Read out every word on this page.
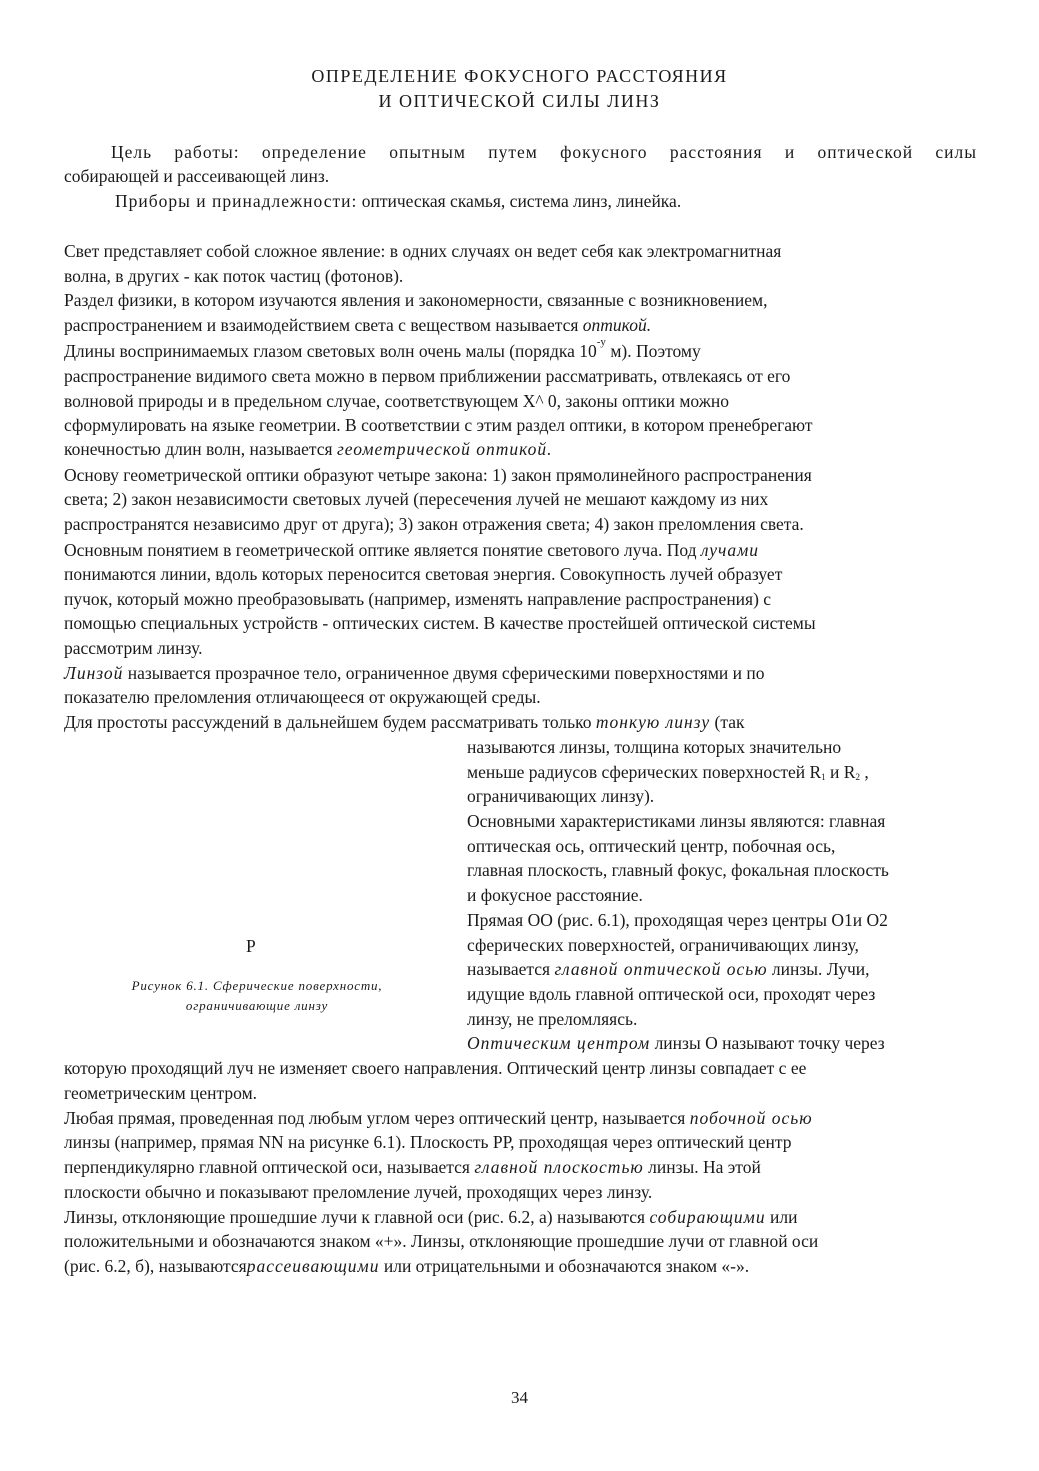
ОПРЕДЕЛЕНИЕ ФОКУСНОГО РАССТОЯНИЯ
И ОПТИЧЕСКОЙ СИЛЫ ЛИНЗ
Цель работы: определение опытным путем фокусного расстояния и оптической силы
собирающей и рассеивающей линз.
Приборы и принадлежности: оптическая скамья, система линз, линейка.
Свет представляет собой сложное явление: в одних случаях он ведет себя как электромагнитная
волна, в других - как поток частиц (фотонов).
Раздел физики, в котором изучаются явления и закономерности, связанные с возникновением,
распространением и взаимодействием света с веществом называется оптикой.
Длины воспринимаемых глазом световых волн очень малы (порядка $10^{-у}$ м). Поэтому
распространение видимого света можно в первом приближении рассматривать, отвлекаясь от его
волновой природы и в предельном случае, соответствующем X^ 0, законы оптики можно
сформулировать на языке геометрии. В соответствии с этим раздел оптики, в котором пренебрегают
конечностью длин волн, называется геометрической оптикой.
Основу геометрической оптики образуют четыре закона: 1) закон прямолинейного распространения
света; 2) закон независимости световых лучей (пересечения лучей не мешают каждому из них
распространятся независимо друг от друга); 3) закон отражения света; 4) закон преломления света.
Основным понятием в геометрической оптике является понятие светового луча. Под лучами
понимаются линии, вдоль которых переносится световая энергия. Совокупность лучей образует
пучок, который можно преобразовывать (например, изменять направление распространения) с
помощью специальных устройств - оптических систем. В качестве простейшей оптической системы
рассмотрим линзу.
Линзой называется прозрачное тело, ограниченное двумя сферическими поверхностями и по
показателю преломления отличающееся от окружающей среды.
Для простоты рассуждений в дальнейшем будем рассматривать только тонкую линзу (так
называются линзы, толщина которых значительно
меньше радиусов сферических поверхностей $R_1$ и $R_2$ ,
ограничивающих линзу).
Основными характеристиками линзы являются: главная
оптическая ось, оптический центр, побочная ось,
главная плоскость, главный фокус, фокальная плоскость
и фокусное расстояние.
Прямая ОО (рис. 6.1), проходящая через центры О1и О2
сферических поверхностей, ограничивающих линзу,
называется главной оптической осью линзы. Лучи,
идущие вдоль главной оптической оси, проходят через
линзу, не преломляясь.
Оптическим центром линзы О называют точку через
Р
Рисунок 6.1. Сферические поверхности,
ограничивающие линзу
которую проходящий луч не изменяет своего направления. Оптический центр линзы совпадает с ее
геометрическим центром.
Любая прямая, проведенная под любым углом через оптический центр, называется побочной осью
линзы (например, прямая NN на рисунке 6.1). Плоскость РР, проходящая через оптический центр
перпендикулярно главной оптической оси, называется главной плоскостью линзы. На этой
плоскости обычно и показывают преломление лучей, проходящих через линзу.
Линзы, отклоняющие прошедшие лучи к главной оси (рис. 6.2, а) называются собирающими или
положительными и обозначаются знаком «+». Линзы, отклоняющие прошедшие лучи от главной оси
(рис. 6.2, б), называютсярассеивающими или отрицательными и обозначаются знаком «-».
34
